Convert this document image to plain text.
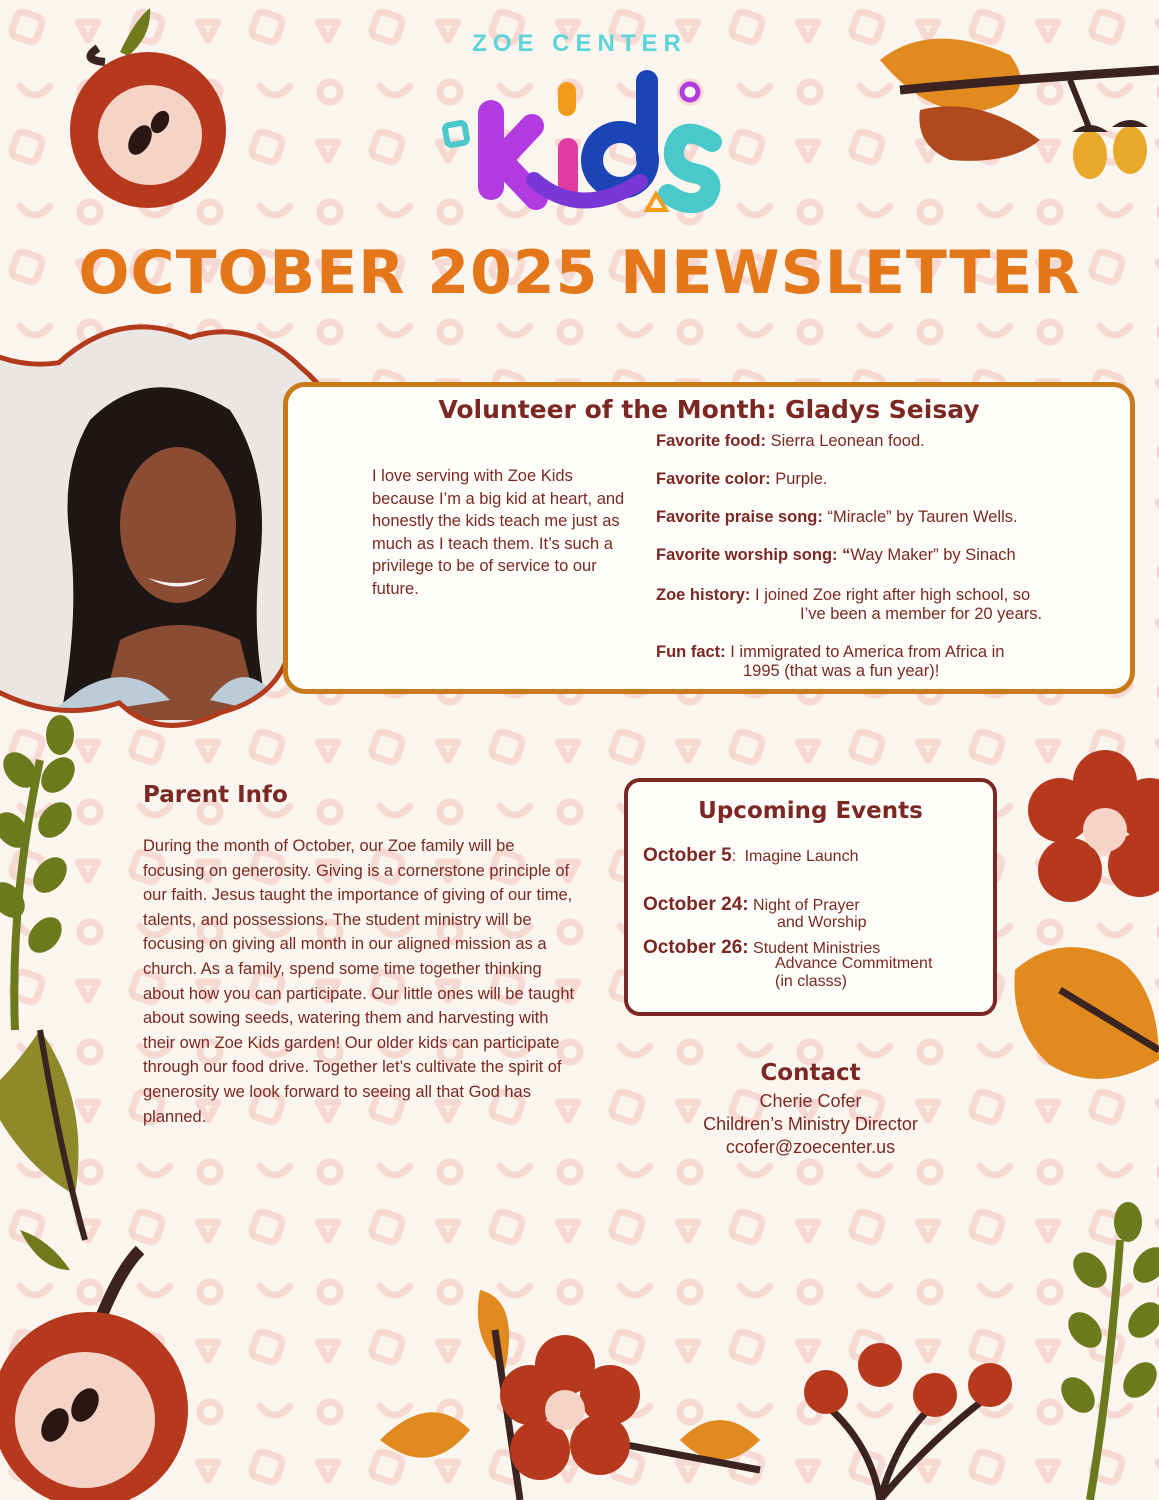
ZOE CENTER
OCTOBER 2025 NEWSLETTER
Volunteer of the Month: Gladys Seisay
I love serving with Zoe Kids because I’m a big kid at heart, and honestly the kids teach me just as much as I teach them. It’s such a privilege to be of service to our future.
Favorite food: Sierra Leonean food.
Favorite color: Purple.
Favorite praise song: “Miracle” by Tauren Wells.
Favorite worship song: “Way Maker” by Sinach
Zoe history: I joined Zoe right after high school, so
I’ve been a member for 20 years.
Fun fact: I immigrated to America from Africa in
1995 (that was a fun year)!
Parent Info
During the month of October, our Zoe family will be focusing on generosity. Giving is a cornerstone principle of our faith. Jesus taught the importance of giving of our time, talents, and possessions. The student ministry will be focusing on giving all month in our aligned mission as a church. As a family, spend some time together thinking about how you can participate. Our little ones will be taught about sowing seeds, watering them and harvesting with their own Zoe Kids garden! Our older kids can participate through our food drive. Together let’s cultivate the spirit of generosity we look forward to seeing all that God has planned.
Upcoming Events
October 5: Imagine Launch
October 24: Night of Prayer
and Worship
October 26: Student Ministries
Advance Commitment
(in classs)
Contact
Cherie Cofer
Children’s Ministry Director
ccofer@zoecenter.us
